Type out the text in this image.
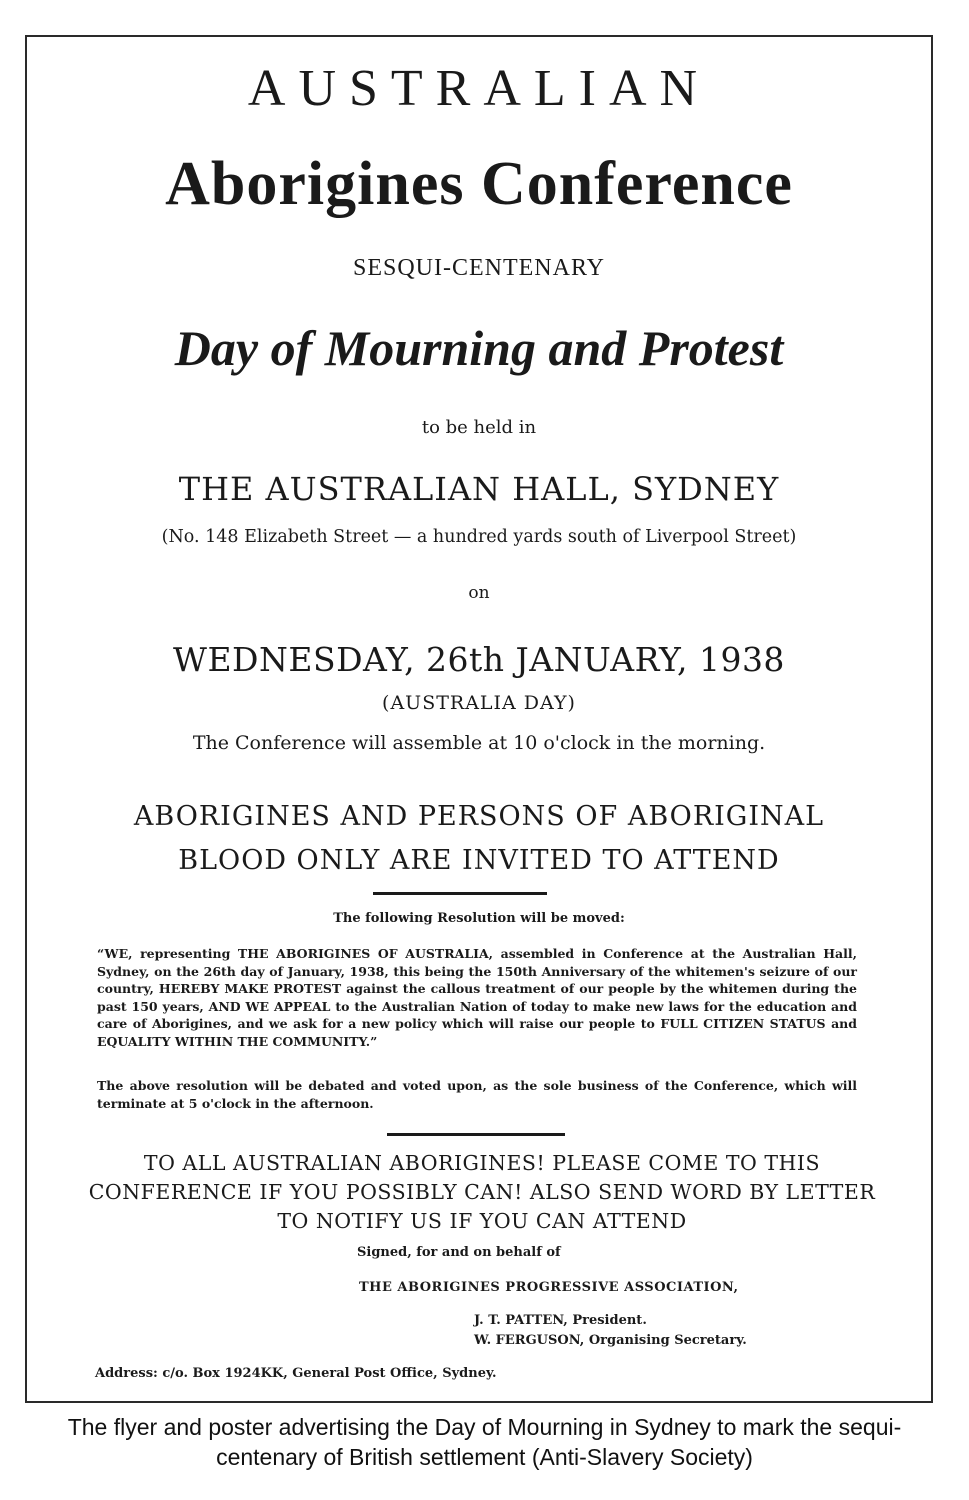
AUSTRALIAN
Aborigines Conference
SESQUI-CENTENARY
Day of Mourning and Protest
to be held in
THE AUSTRALIAN HALL, SYDNEY
(No. 148 Elizabeth Street — a hundred yards south of Liverpool Street)
on
WEDNESDAY, 26th JANUARY, 1938
(AUSTRALIA DAY)
The Conference will assemble at 10 o'clock in the morning.
ABORIGINES AND PERSONS OF ABORIGINAL
BLOOD ONLY ARE INVITED TO ATTEND
The following Resolution will be moved:
“WE, representing THE ABORIGINES OF AUSTRALIA, assembled in Conference at the Australian Hall, Sydney, on the 26th day of January, 1938, this being the 150th Anniversary of the whitemen's seizure of our country, HEREBY MAKE PROTEST against the callous treatment of our people by the whitemen during the past 150 years, AND WE APPEAL to the Australian Nation of today to make new laws for the education and care of Aborigines, and we ask for a new policy which will raise our people to FULL CITIZEN STATUS and EQUALITY WITHIN THE COMMUNITY.”
The above resolution will be debated and voted upon, as the sole business of the Conference, which will terminate at 5 o'clock in the afternoon.
TO ALL AUSTRALIAN ABORIGINES! PLEASE COME TO THIS CONFERENCE IF YOU POSSIBLY CAN! ALSO SEND WORD BY LETTER TO NOTIFY US IF YOU CAN ATTEND
Signed, for and on behalf of
THE ABORIGINES PROGRESSIVE ASSOCIATION,
J. T. PATTEN, President.
W. FERGUSON, Organising Secretary.
Address: c/o. Box 1924KK, General Post Office, Sydney.
The flyer and poster advertising the Day of Mourning in Sydney to mark the sequi-
centenary of British settlement (Anti-Slavery Society)
